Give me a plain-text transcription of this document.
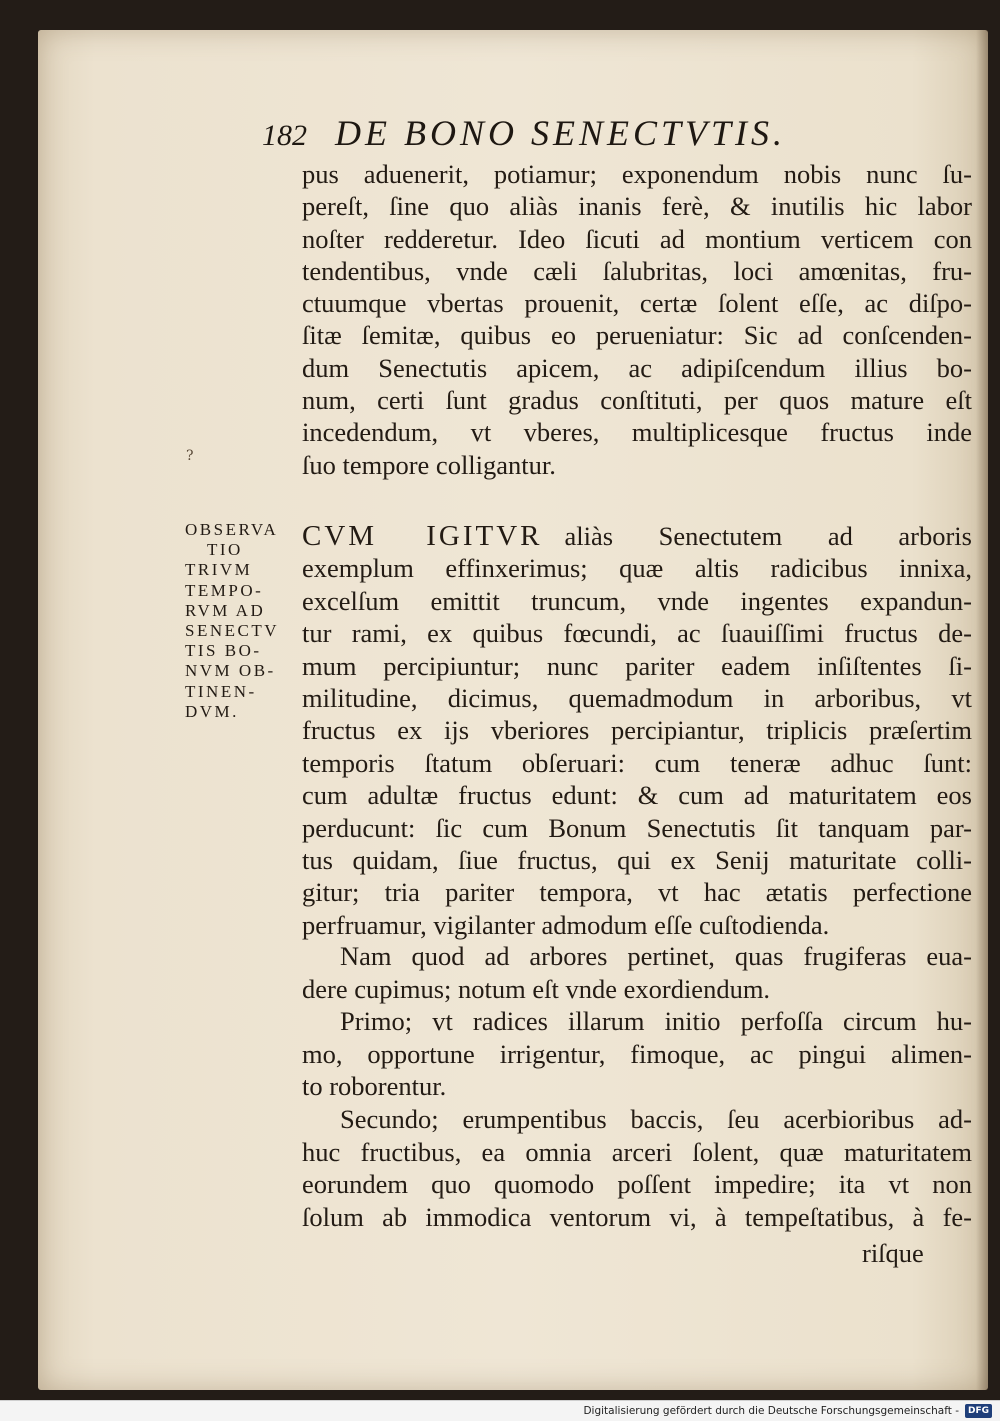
182 DE BONO SENECTVTIS.
pus aduenerit, potiamur; exponendum nobis nunc ſu-
pereſt, ſine quo aliàs inanis ferè, & inutilis hic labor
noſter redderetur. Ideo ſicuti ad montium verticem con
tendentibus, vnde cæli ſalubritas, loci amœnitas, fru-
ctuumque vbertas prouenit, certæ ſolent eſſe, ac diſpo-
ſitæ ſemitæ, quibus eo perueniatur: Sic ad conſcenden-
dum Senectutis apicem, ac adipiſcendum illius bo-
num, certi ſunt gradus conſtituti, per quos mature eſt
incedendum, vt vberes, multiplicesque fructus inde
ſuo tempore colligantur.
?
OBSERVA
TIO
TRIVM
TEMPO-
RVM AD
SENECTV
TIS BO-
NVM OB-
TINEN-
DVM.
CVM IGITVR aliàs Senectutem ad arboris
exemplum effinxerimus; quæ altis radicibus innixa,
excelſum emittit truncum, vnde ingentes expandun-
tur rami, ex quibus fœcundi, ac ſuauiſſimi fructus de-
mum percipiuntur; nunc pariter eadem inſiſtentes ſi-
militudine, dicimus, quemadmodum in arboribus, vt
fructus ex ijs vberiores percipiantur, triplicis præſertim
temporis ſtatum obſeruari: cum teneræ adhuc ſunt:
cum adultæ fructus edunt: & cum ad maturitatem eos
perducunt: ſic cum Bonum Senectutis ſit tanquam par-
tus quidam, ſiue fructus, qui ex Senij maturitate colli-
gitur; tria pariter tempora, vt hac ætatis perfectione
perfruamur, vigilanter admodum eſſe cuſtodienda.
Nam quod ad arbores pertinet, quas frugiferas eua-
dere cupimus; notum eſt vnde exordiendum.
Primo; vt radices illarum initio perfoſſa circum hu-
mo, opportune irrigentur, fimoque, ac pingui alimen-
to roborentur.
Secundo; erumpentibus baccis, ſeu acerbioribus ad-
huc fructibus, ea omnia arceri ſolent, quæ maturitatem
eorundem quo quomodo poſſent impedire; ita vt non
ſolum ab immodica ventorum vi, à tempeſtatibus, à fe-
riſque
Digitalisierung gefördert durch die Deutsche Forschungsgemeinschaft -	DFG
